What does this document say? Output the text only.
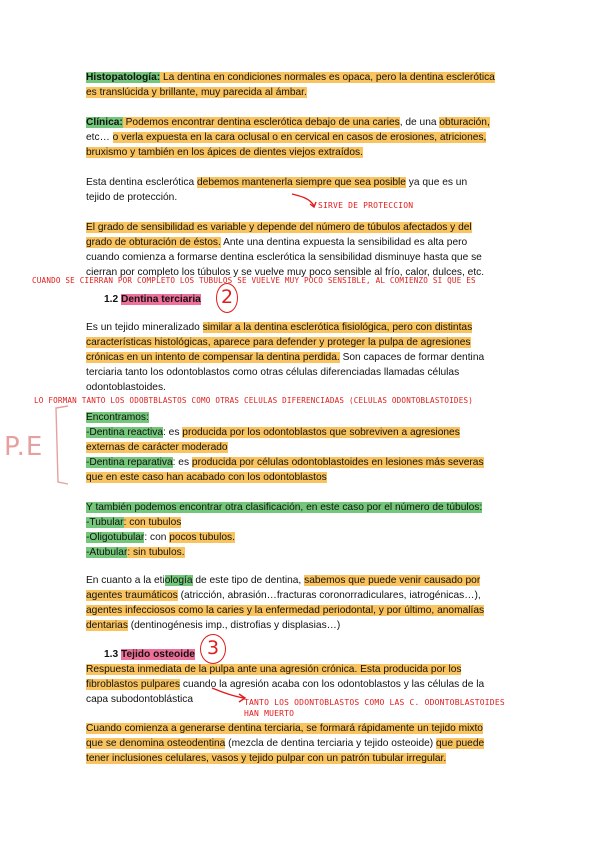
Histopatología: La dentina en condiciones normales es opaca, pero la dentina esclerótica
es translúcida y brillante, muy parecida al ámbar.
Clínica: Podemos encontrar dentina esclerótica debajo de una caries, de una obturación,
etc… o verla expuesta en la cara oclusal o en cervical en casos de erosiones, atriciones,
bruxismo y también en los ápices de dientes viejos extraídos.
Esta dentina esclerótica debemos mantenerla siempre que sea posible ya que es un
tejido de protección.
SIRVE DE PROTECCION
El grado de sensibilidad es variable y depende del número de túbulos afectados y del
grado de obturación de éstos. Ante una dentina expuesta la sensibilidad es alta pero
cuando comienza a formarse dentina esclerótica la sensibilidad disminuye hasta que se
cierran por completo los túbulos y se vuelve muy poco sensible al frío, calor, dulces, etc.
CUANDO SE CIERRAN POR COMPLETO LOS TUBULOS SE VUELVE MUY POCO SENSIBLE, AL COMIENZO SI QUE ES
1.2 Dentina terciaria 2
Es un tejido mineralizado similar a la dentina esclerótica fisiológica, pero con distintas
características histológicas, aparece para defender y proteger la pulpa de agresiones
crónicas en un intento de compensar la dentina perdida. Son capaces de formar dentina
terciaria tanto los odontoblastos como otras células diferenciadas llamadas células
odontoblastoides.
LO FORMAN TANTO LOS ODOBTBLASTOS COMO OTRAS CELULAS DIFERENCIADAS (CELULAS ODONTOBLASTOIDES)
P.E
Encontramos:
-Dentina reactiva: es producida por los odontoblastos que sobreviven a agresiones
externas de carácter moderado
-Dentina reparativa: es producida por células odontoblastoides en lesiones más severas
que en este caso han acabado con los odontoblastos
Y también podemos encontrar otra clasificación, en este caso por el número de túbulos:
-Tubular: con tubulos
-Oligotubular: con pocos tubulos.
-Atubular: sin tubulos.
En cuanto a la etiología de este tipo de dentina, sabemos que puede venir causado por
agentes traumáticos (atricción, abrasión…fracturas coronorradiculares, iatrogénicas…),
agentes infecciosos como la caries y la enfermedad periodontal, y por último, anomalías
dentarias (dentinogénesis imp., distrofias y displasias…)
1.3 Tejido osteoide 3
Respuesta inmediata de la pulpa ante una agresión crónica. Esta producida por los
fibroblastos pulpares cuando la agresión acaba con los odontoblastos y las células de la
capa subodontoblástica	TANTO LOS ODONTOBLASTOS COMO LAS C. ODONTOBLASTOIDES
HAN MUERTO
Cuando comienza a generarse dentina terciaria, se formará rápidamente un tejido mixto
que se denomina osteodentina (mezcla de dentina terciaria y tejido osteoide) que puede
tener inclusiones celulares, vasos y tejido pulpar con un patrón tubular irregular.
